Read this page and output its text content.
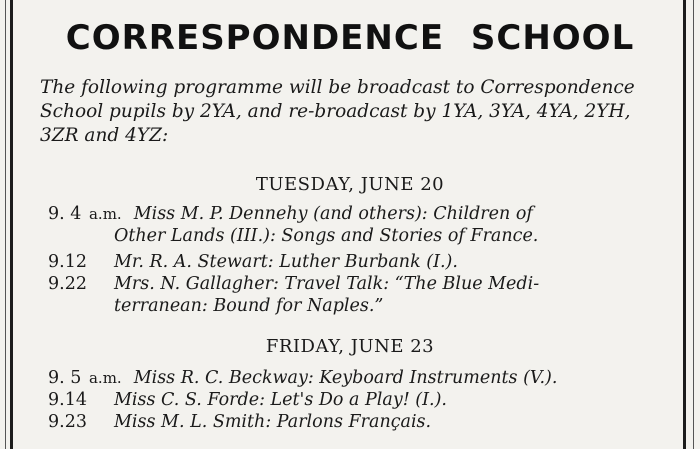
CORRESPONDENCE SCHOOL
The following programme will be broadcast to Correspondence School pupils by 2YA, and re-broadcast by 1YA, 3YA, 4YA, 2YH, 3ZR and 4YZ:
TUESDAY, JUNE 20
9. 4 a.m. Miss M. P. Dennehy (and others): Children of
Other Lands (III.): Songs and Stories of France.
9.12 Mr. R. A. Stewart: Luther Burbank (I.).
9.22 Mrs. N. Gallagher: Travel Talk: “The Blue Medi-
terranean: Bound for Naples.”
FRIDAY, JUNE 23
9. 5 a.m. Miss R. C. Beckway: Keyboard Instruments (V.).
9.14 Miss C. S. Forde: Let's Do a Play! (I.).
9.23 Miss M. L. Smith: Parlons Français.
